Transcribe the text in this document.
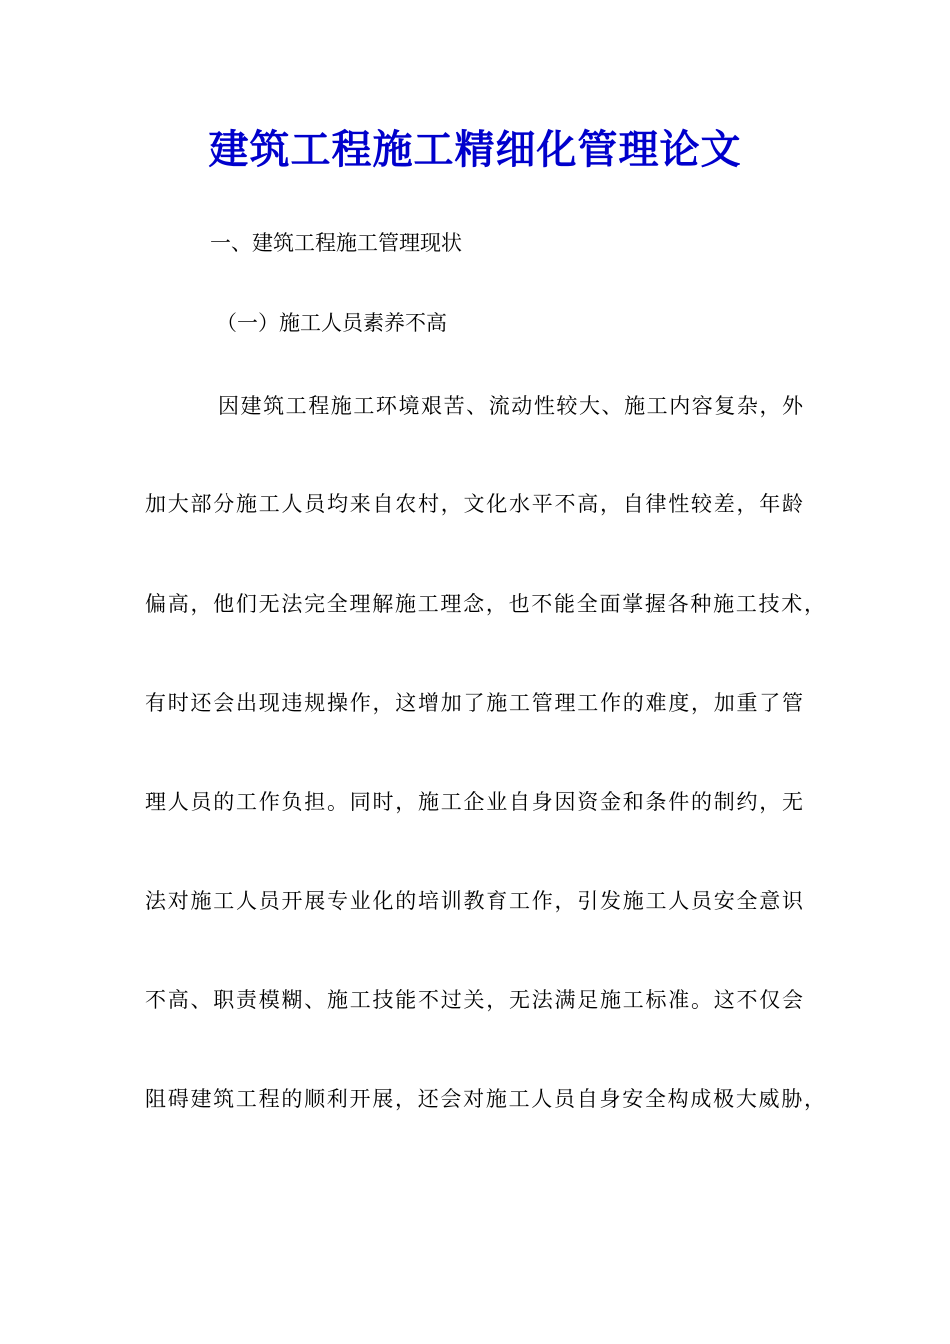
建筑工程施工精细化管理论文
一、建筑工程施工管理现状
（一）施工人员素养不高
因建筑工程施工环境艰苦、流动性较大、施工内容复杂，外
加大部分施工人员均来自农村，文化水平不高，自律性较差，年龄
偏高，他们无法完全理解施工理念，也不能全面掌握各种施工技术，
有时还会出现违规操作，这增加了施工管理工作的难度，加重了管
理人员的工作负担。同时，施工企业自身因资金和条件的制约，无
法对施工人员开展专业化的培训教育工作，引发施工人员安全意识
不高、职责模糊、施工技能不过关，无法满足施工标准。这不仅会
阻碍建筑工程的顺利开展，还会对施工人员自身安全构成极大威胁，
